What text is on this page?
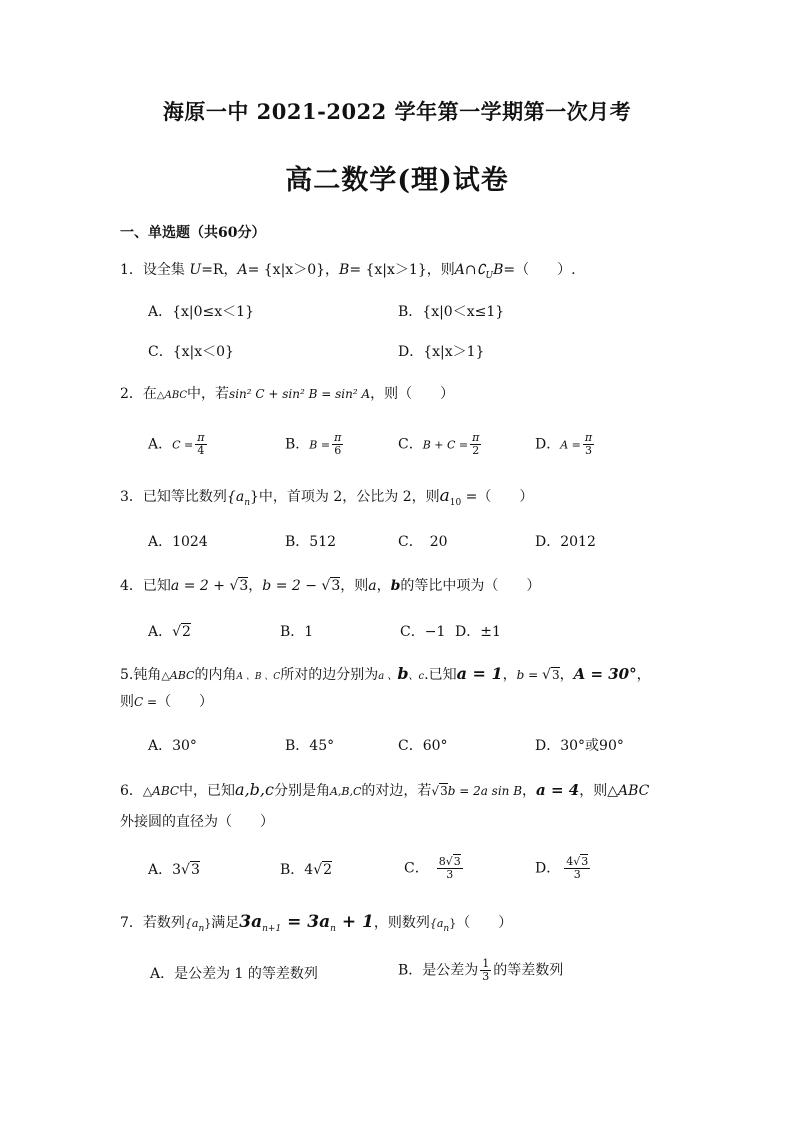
海原一中 2021-2022 学年第一学期第一次月考
高二数学(理)试卷
一、单选题（共60分）
1．设全集 U=R，A= {x|x＞0}，B= {x|x＞1}，则$A\cap∁_UB=$（　　）.
A．{x|0≤x＜1}	B．{x|0＜x≤1}
C．{x|x＜0}	D．{x|x＞1}
2．在△ABC中，若sin² C + sin² B = sin² A，则（　　）
A．$C = \frac{\pi}{4}$	B．$B = \frac{\pi}{6}$	C．$B + C = \frac{\pi}{2}$	D．$A = \frac{\pi}{3}$
3．已知等比数列$\{a_n\}$中，首项为 2，公比为 2，则$a_{10}$ =（　　）
A．1024	B．512	C．　20	D．2012
4．已知a = 2 + √3，b = 2 − √3，则a，b的等比中项为（　　）
A．√2	B．1	C．−1 D．±1
5.钝角△ABC的内角A 、B 、C所对的边分别为a 、b、c.已知a = 1，b = √3，A = 30°，
则C =（　　）
A．30°	B．45°	C．60°	D．30°或90°
6．△ABC中，已知a,b,c分别是角A,B,C的对边，若√3b = 2a sin B，a = 4，则△ABC
外接圆的直径为（　　）
A．3√3	B．4√2	C． $\frac{8√3}{3}$	D． $\frac{4√3}{3}$
7．若数列$\{a_n\}$满足$3a_{n+1} = 3a_n + 1$，则数列$\{a_n\}$（　　）
A．是公差为 1 的等差数列	B．是公差为 $\frac{1}{3}$ 的等差数列
